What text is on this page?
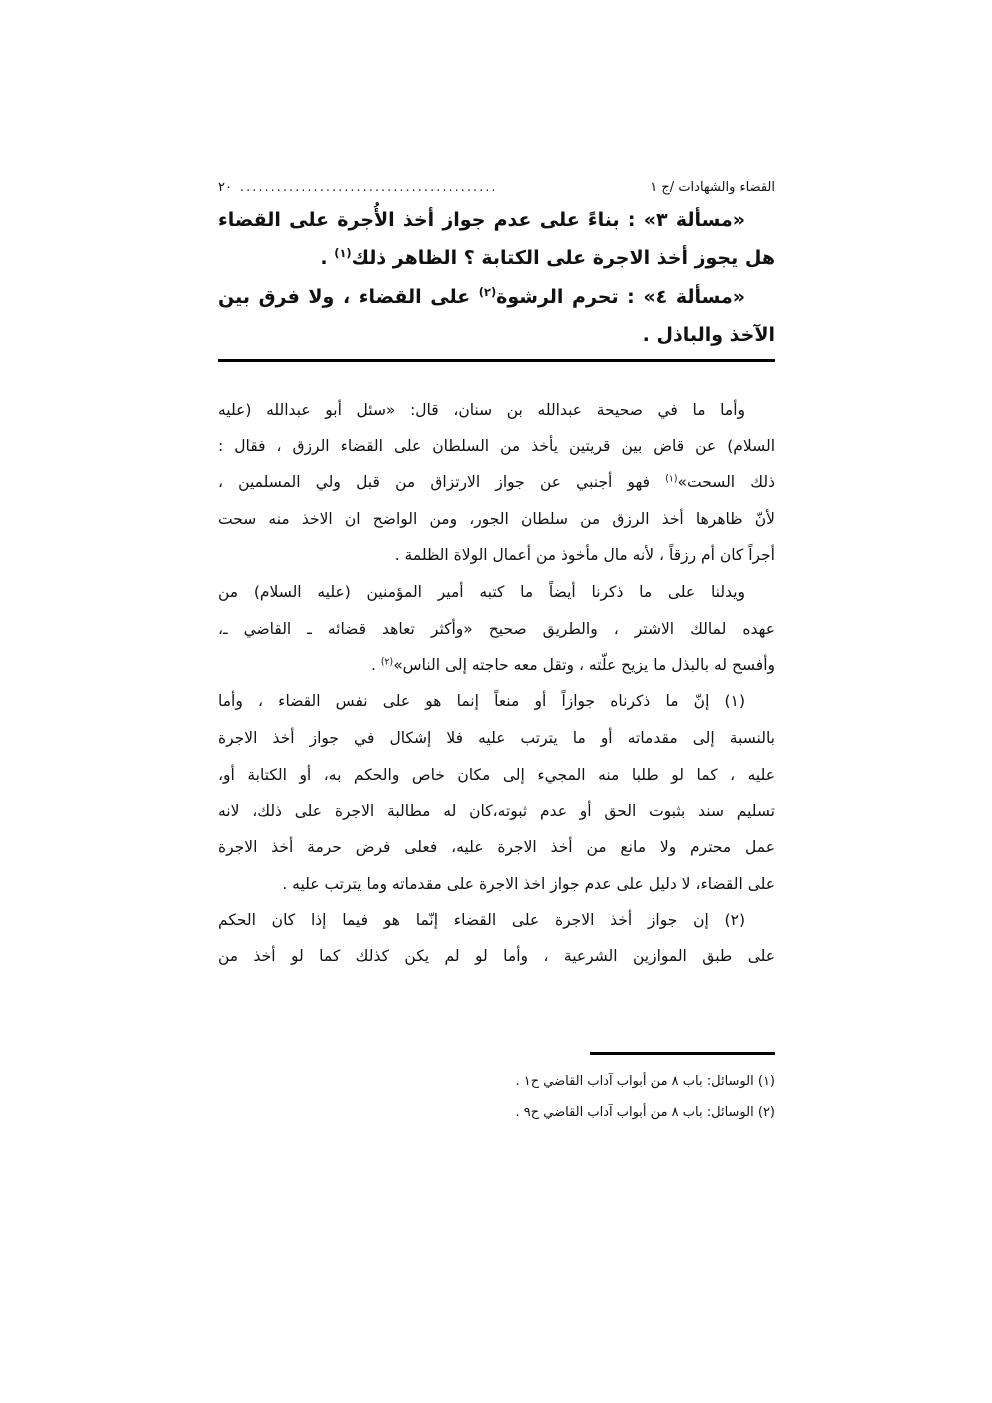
القضاء والشهادات /ج ١
..........................................
٢٠
«مسألة ٣» : بناءً على عدم جواز أخذ الأُجرة على القضاء
هل يجوز أخذ الاجرة على الكتابة ؟ الظاهر ذلك$^{(١)}$ .
«مسألة ٤» : تحرم الرشوة$^{(٢)}$ على القضاء ، ولا فرق بين
الآخذ والباذل .
وأما ما في صحيحة عبدالله بن سنان، قال: «سئل أبو عبدالله (عليه
السلام) عن قاض بين قريتين يأخذ من السلطان على القضاء الرزق ، فقال :
ذلك السحت»$^{(١)}$ فهو أجنبي عن جواز الارتزاق من قبل ولي المسلمين ،
لأنّ ظاهرها أخذ الرزق من سلطان الجور، ومن الواضح ان الاخذ منه سحت
أجراً كان أم رزقاً ، لأنه مال مأخوذ من أعمال الولاة الظلمة .
ويدلنا على ما ذكرنا أيضاً ما كتبه أمير المؤمنين (عليه السلام) من
عهده لمالك الاشتر ، والطريق صحيح «وأكثر تعاهد قضائه ـ القاضي ـ،
وأفسح له بالبذل ما يزيح علّته ، وتقل معه حاجته إلى الناس»$^{(٢)}$ .
(١) إنّ ما ذكرناه جوازاً أو منعاً إنما هو على نفس القضاء ، وأما
بالنسبة إلى مقدماته أو ما يترتب عليه فلا إشكال في جواز أخذ الاجرة
عليه ، كما لو طلبا منه المجيء إلى مكان خاص والحكم به، أو الكتابة أو،
تسليم سند بثبوت الحق أو عدم ثبوته،كان له مطالبة الاجرة على ذلك، لانه
عمل محترم ولا مانع من أخذ الاجرة عليه، فعلى فرض حرمة أخذ الاجرة
على القضاء، لا دليل على عدم جواز اخذ الاجرة على مقدماته وما يترتب عليه .
(٢) إن جواز أخذ الاجرة على القضاء إنّما هو فيما إذا كان الحكم
على طبق الموازين الشرعية ، وأما لو لم يكن كذلك كما لو أخذ من
(١) الوسائل: باب ٨ من أبواب آداب القاضي ح١ .
(٢) الوسائل: باب ٨ من أبواب آداب القاضي ح٩ .
